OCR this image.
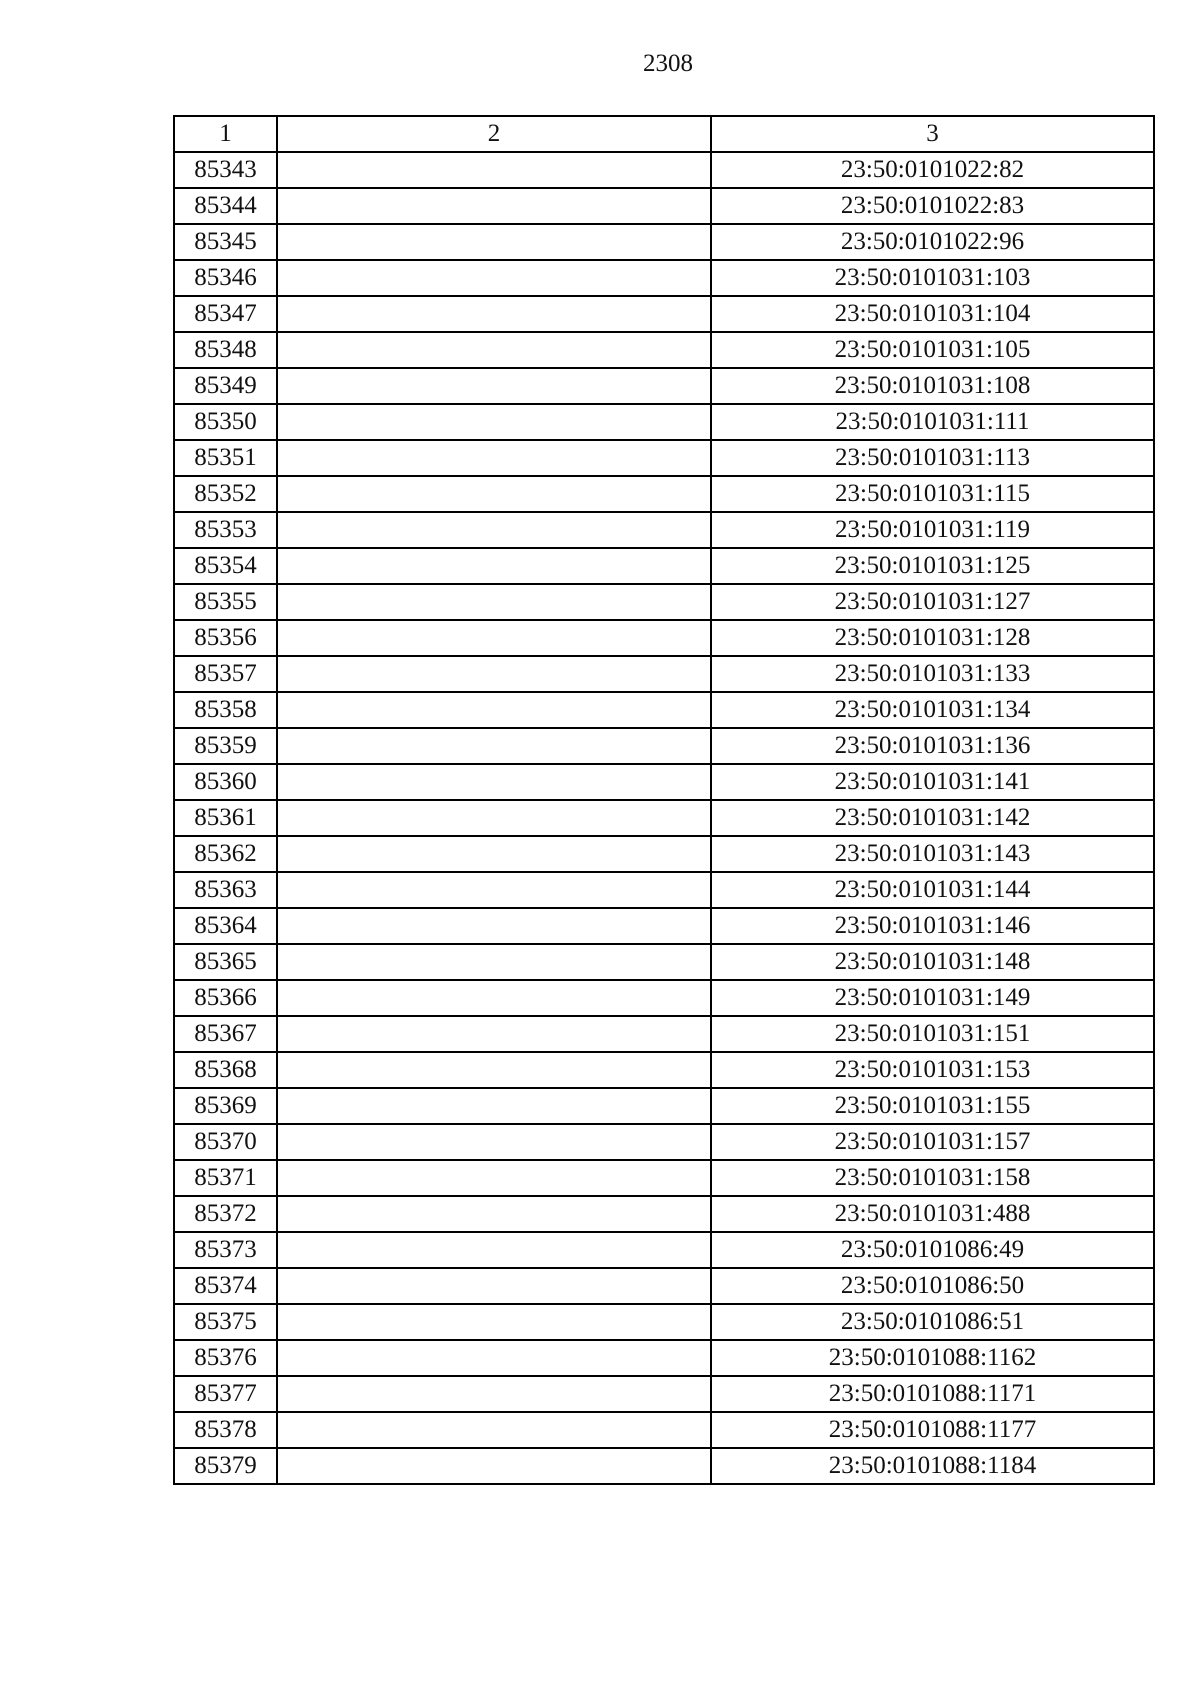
2308
1	2	3
85343		23:50:0101022:82
85344		23:50:0101022:83
85345		23:50:0101022:96
85346		23:50:0101031:103
85347		23:50:0101031:104
85348		23:50:0101031:105
85349		23:50:0101031:108
85350		23:50:0101031:111
85351		23:50:0101031:113
85352		23:50:0101031:115
85353		23:50:0101031:119
85354		23:50:0101031:125
85355		23:50:0101031:127
85356		23:50:0101031:128
85357		23:50:0101031:133
85358		23:50:0101031:134
85359		23:50:0101031:136
85360		23:50:0101031:141
85361		23:50:0101031:142
85362		23:50:0101031:143
85363		23:50:0101031:144
85364		23:50:0101031:146
85365		23:50:0101031:148
85366		23:50:0101031:149
85367		23:50:0101031:151
85368		23:50:0101031:153
85369		23:50:0101031:155
85370		23:50:0101031:157
85371		23:50:0101031:158
85372		23:50:0101031:488
85373		23:50:0101086:49
85374		23:50:0101086:50
85375		23:50:0101086:51
85376		23:50:0101088:1162
85377		23:50:0101088:1171
85378		23:50:0101088:1177
85379		23:50:0101088:1184
